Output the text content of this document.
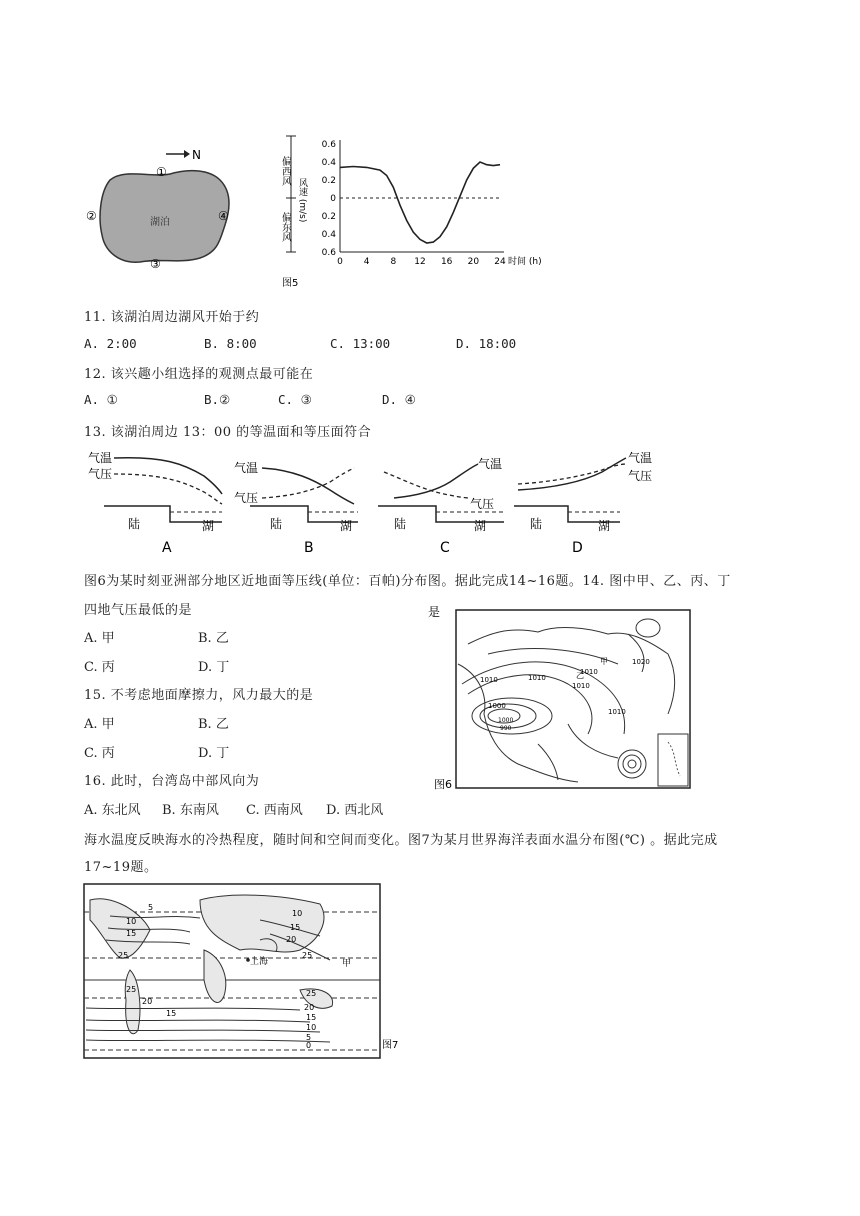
N
湖泊
①
②
③
④
偏西风
偏东风
风速 (m/s)
0.6
0.4
0.2
0
0.2
0.4
0.6
0 4 8 12 16 20 24 时间 (h)
图5
11. 该湖泊周边湖风开始于约
A. 2:00	B. 8:00	C. 13:00	D. 18:00
12. 该兴趣小组选择的观测点最可能在
A. ①	B.②	C. ③	D. ④
13. 该湖泊周边 13：00 的等温面和等压面符合
气温
气压
陆	湖
A
气温
气压
陆	湖
B
气温
气压
陆	湖
C
气温
气压
陆	湖
D
图6为某时刻亚洲部分地区近地面等压线(单位：百帕)分布图。据此完成14~16题。14. 图中甲、乙、丙、丁
四地气压最低的是
A. 甲	B. 乙
C. 丙	D. 丁
15. 不考虑地面摩擦力，风力最大的是
A. 甲	B. 乙
C. 丙	D. 丁
16. 此时，台湾岛中部风向为
A. 东北风 B. 东南风 C. 西南风 D. 西北风
是
1010
1000
1020
1010
1010
1010
1010
1000
990
甲
乙
图6
海水温度反映海水的冷热程度，随时间和空间而变化。图7为某月世界海洋表面水温分布图(℃) 。据此完成
17~19题。
5
10
15
25
25
20
15
10
15
20
25
25
20
15
10
5
0
上海	甲
图7
